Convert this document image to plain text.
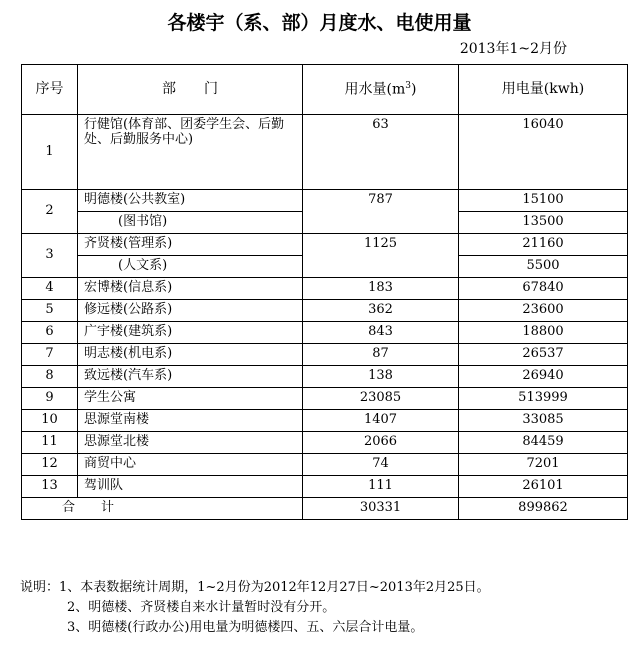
各楼宇（系、部）月度水、电使用量
2013年1~2月份
序号	部　　门	用水量$(m^3)$	用电量(kwh)
1	行健馆(体育部、团委学生会、后勤处、后勤服务中心)	63	16040
2	明德楼(公共教室)	787	15100
	(图书馆)		13500
3	齐贤楼(管理系)	1125	21160
	(人文系)		5500
4	宏博楼(信息系)	183	67840
5	修远楼(公路系)	362	23600
6	广宇楼(建筑系)	843	18800
7	明志楼(机电系)	87	26537
8	致远楼(汽车系)	138	26940
9	学生公寓	23085	513999
10	思源堂南楼	1407	33085
11	思源堂北楼	2066	84459
12	商贸中心	74	7201
13	驾训队	111	26101
合　　计		30331	899862
说明：1、本表数据统计周期，1~2月份为2012年12月27日~2013年2月25日。
2、明德楼、齐贤楼自来水计量暂时没有分开。
3、明德楼(行政办公)用电量为明德楼四、五、六层合计电量。
